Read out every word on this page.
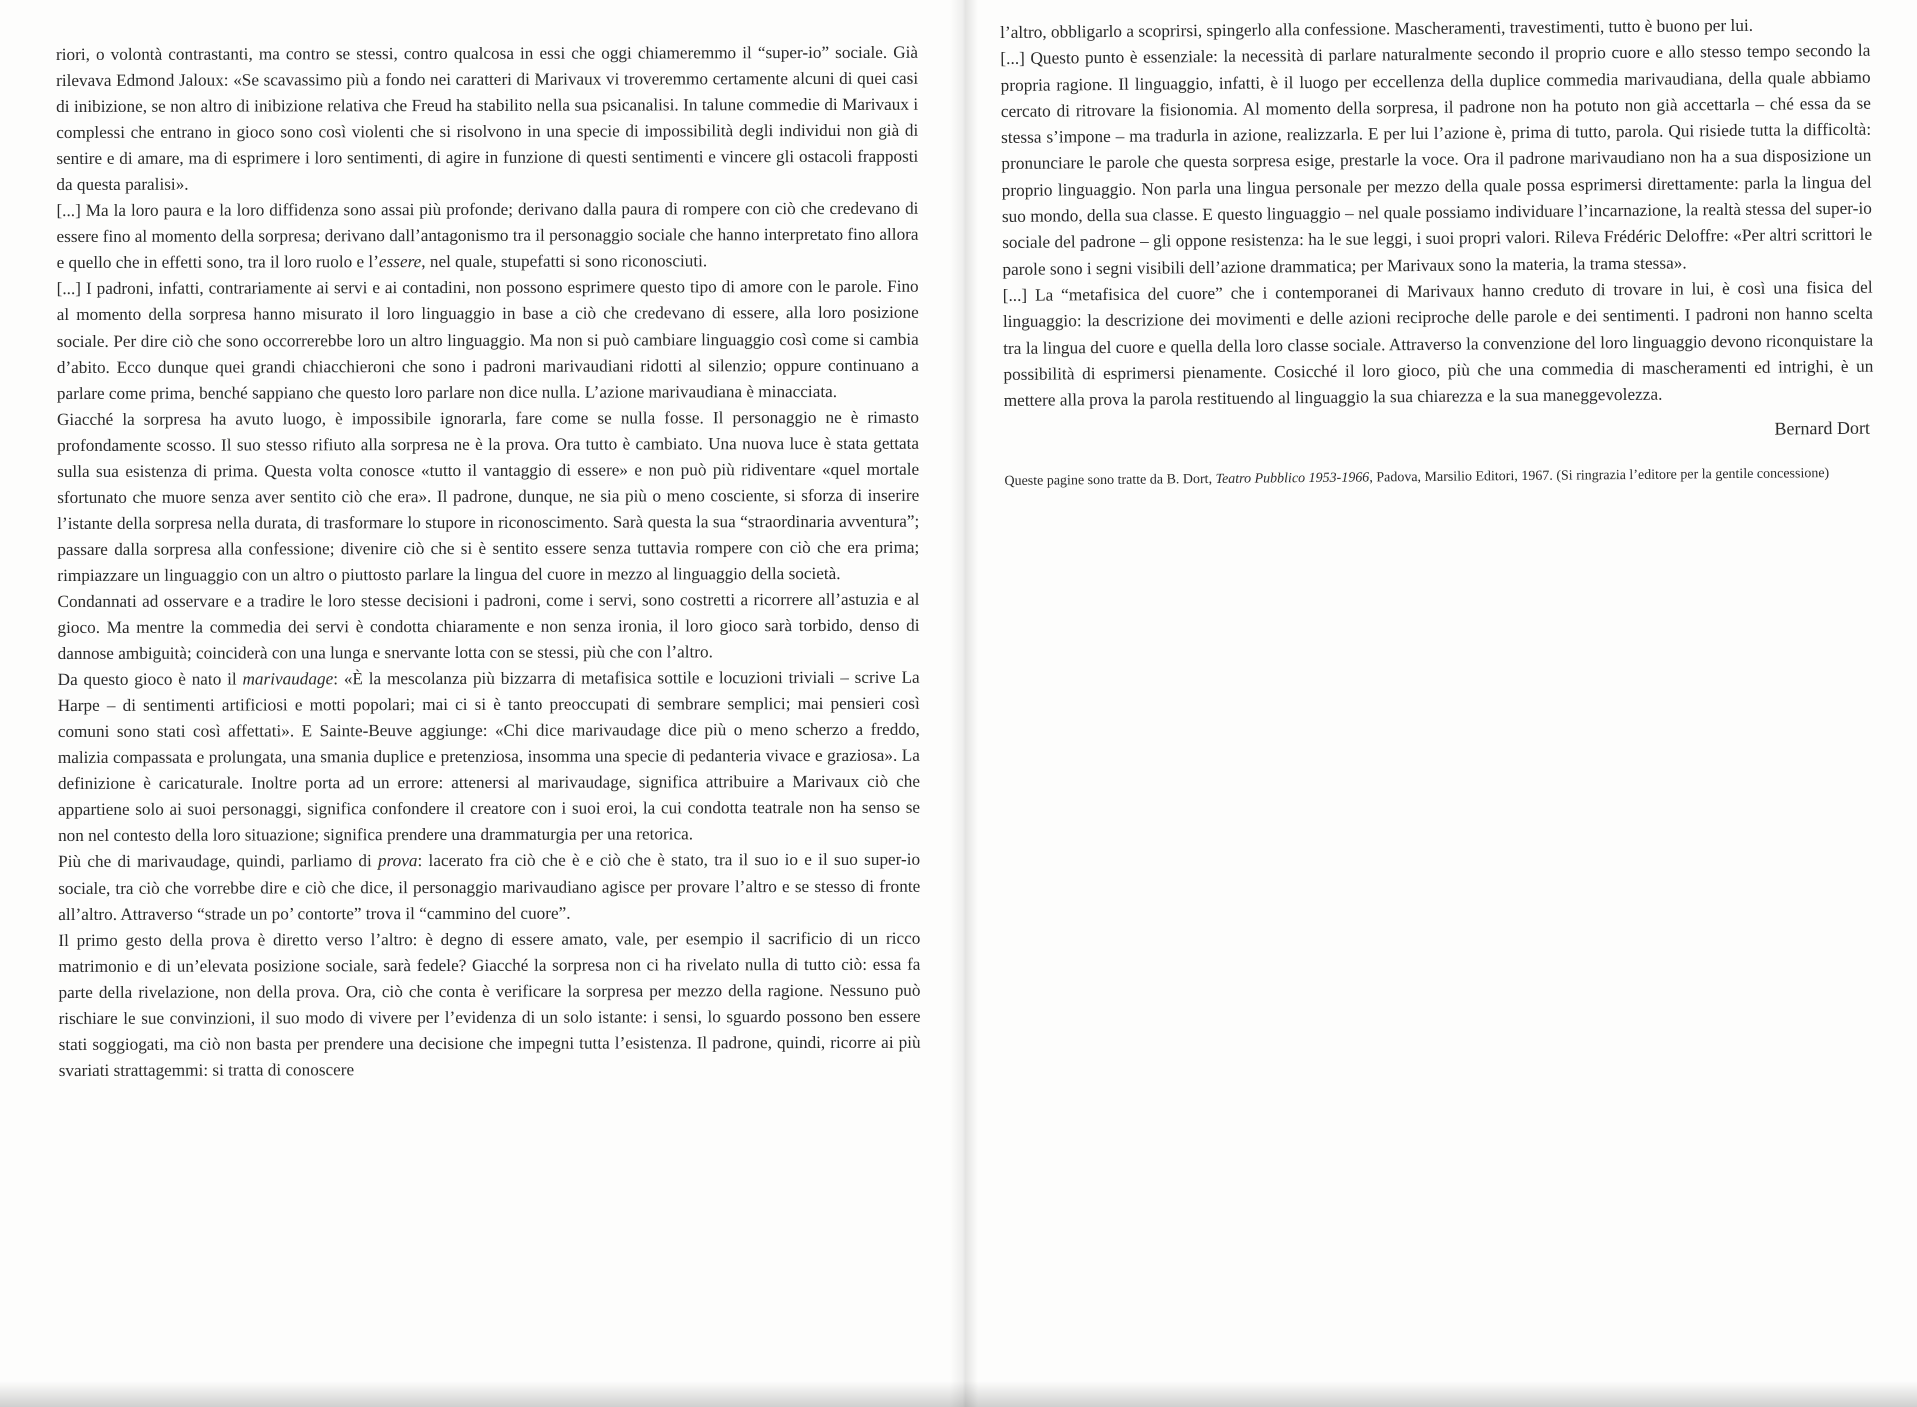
riori, o volontà contrastanti, ma contro se stessi, contro qualcosa in essi che oggi chiameremmo il “super-io” sociale. Già rilevava Edmond Jaloux: «Se scavassimo più a fondo nei caratteri di Marivaux vi troveremmo certamente alcuni di quei casi di inibizione, se non altro di inibizione relativa che Freud ha stabilito nella sua psicanalisi. In talune commedie di Marivaux i complessi che entrano in gioco sono così violenti che si risolvono in una specie di impossibilità degli individui non già di sentire e di amare, ma di esprimere i loro sentimenti, di agire in funzione di questi sentimenti e vincere gli ostacoli frapposti da questa paralisi».

[...] Ma la loro paura e la loro diffidenza sono assai più profonde; derivano dalla paura di rompere con ciò che credevano di essere fino al momento della sorpresa; derivano dall’antagonismo tra il personaggio sociale che hanno interpretato fino allora e quello che in effetti sono, tra il loro ruolo e l’essere, nel quale, stupefatti si sono riconosciuti.

[...] I padroni, infatti, contrariamente ai servi e ai contadini, non possono esprimere questo tipo di amore con le parole. Fino al momento della sorpresa hanno misurato il loro linguaggio in base a ciò che credevano di essere, alla loro posizione sociale. Per dire ciò che sono occorrerebbe loro un altro linguaggio. Ma non si può cambiare linguaggio così come si cambia d’abito. Ecco dunque quei grandi chiacchieroni che sono i padroni marivaudiani ridotti al silenzio; oppure continuano a parlare come prima, benché sappiano che questo loro parlare non dice nulla. L’azione marivaudiana è minacciata.

Giacché la sorpresa ha avuto luogo, è impossibile ignorarla, fare come se nulla fosse. Il personaggio ne è rimasto profondamente scosso. Il suo stesso rifiuto alla sorpresa ne è la prova. Ora tutto è cambiato. Una nuova luce è stata gettata sulla sua esistenza di prima. Questa volta conosce «tutto il vantaggio di essere» e non può più ridiventare «quel mortale sfortunato che muore senza aver sentito ciò che era». Il padrone, dunque, ne sia più o meno cosciente, si sforza di inserire l’istante della sorpresa nella durata, di trasformare lo stupore in riconoscimento. Sarà questa la sua “straordinaria avventura”; passare dalla sorpresa alla confessione; divenire ciò che si è sentito essere senza tuttavia rompere con ciò che era prima; rimpiazzare un linguaggio con un altro o piuttosto parlare la lingua del cuore in mezzo al linguaggio della società.

Condannati ad osservare e a tradire le loro stesse decisioni i padroni, come i servi, sono costretti a ricorrere all’astuzia e al gioco. Ma mentre la commedia dei servi è condotta chiaramente e non senza ironia, il loro gioco sarà torbido, denso di dannose ambiguità; coinciderà con una lunga e snervante lotta con se stessi, più che con l’altro.

Da questo gioco è nato il marivaudage: «È la mescolanza più bizzarra di metafisica sottile e locuzioni triviali – scrive La Harpe – di sentimenti artificiosi e motti popolari; mai ci si è tanto preoccupati di sembrare semplici; mai pensieri così comuni sono stati così affettati». E Sainte-Beuve aggiunge: «Chi dice marivaudage dice più o meno scherzo a freddo, malizia compassata e prolungata, una smania duplice e pretenziosa, insomma una specie di pedanteria vivace e graziosa». La definizione è caricaturale. Inoltre porta ad un errore: attenersi al marivaudage, significa attribuire a Marivaux ciò che appartiene solo ai suoi personaggi, significa confondere il creatore con i suoi eroi, la cui condotta teatrale non ha senso se non nel contesto della loro situazione; significa prendere una drammaturgia per una retorica.

Più che di marivaudage, quindi, parliamo di prova: lacerato fra ciò che è e ciò che è stato, tra il suo io e il suo super-io sociale, tra ciò che vorrebbe dire e ciò che dice, il personaggio marivaudiano agisce per provare l’altro e se stesso di fronte all’altro. Attraverso “strade un po’ contorte” trova il “cammino del cuore”.

Il primo gesto della prova è diretto verso l’altro: è degno di essere amato, vale, per esempio il sacrificio di un ricco matrimonio e di un’elevata posizione sociale, sarà fedele? Giacché la sorpresa non ci ha rivelato nulla di tutto ciò: essa fa parte della rivelazione, non della prova. Ora, ciò che conta è verificare la sorpresa per mezzo della ragione. Nessuno può rischiare le sue convinzioni, il suo modo di vivere per l’evidenza di un solo istante: i sensi, lo sguardo possono ben essere stati soggiogati, ma ciò non basta per prendere una decisione che impegni tutta l’esistenza. Il padrone, quindi, ricorre ai più svariati strattagemmi: si tratta di conoscere

l’altro, obbligarlo a scoprirsi, spingerlo alla confessione. Mascheramenti, travestimenti, tutto è buono per lui.

[...] Questo punto è essenziale: la necessità di parlare naturalmente secondo il proprio cuore e allo stesso tempo secondo la propria ragione. Il linguaggio, infatti, è il luogo per eccellenza della duplice commedia marivaudiana, della quale abbiamo cercato di ritrovare la fisionomia. Al momento della sorpresa, il padrone non ha potuto non già accettarla – ché essa da se stessa s’impone – ma tradurla in azione, realizzarla. E per lui l’azione è, prima di tutto, parola. Qui risiede tutta la difficoltà: pronunciare le parole che questa sorpresa esige, prestarle la voce. Ora il padrone marivaudiano non ha a sua disposizione un proprio linguaggio. Non parla una lingua personale per mezzo della quale possa esprimersi direttamente: parla la lingua del suo mondo, della sua classe. E questo linguaggio – nel quale possiamo individuare l’incarnazione, la realtà stessa del super-io sociale del padrone – gli oppone resistenza: ha le sue leggi, i suoi propri valori. Rileva Frédéric Deloffre: «Per altri scrittori le parole sono i segni visibili dell’azione drammatica; per Marivaux sono la materia, la trama stessa».

[...] La “metafisica del cuore” che i contemporanei di Marivaux hanno creduto di trovare in lui, è così una fisica del linguaggio: la descrizione dei movimenti e delle azioni reciproche delle parole e dei sentimenti. I padroni non hanno scelta tra la lingua del cuore e quella della loro classe sociale. Attraverso la convenzione del loro linguaggio devono riconquistare la possibilità di esprimersi pienamente. Cosicché il loro gioco, più che una commedia di mascheramenti ed intrighi, è un mettere alla prova la parola restituendo al linguaggio la sua chiarezza e la sua maneggevolezza.

Bernard Dort

Queste pagine sono tratte da B. Dort, Teatro Pubblico 1953-1966, Padova, Marsilio Editori, 1967. (Si ringrazia l’editore per la gentile concessione)
